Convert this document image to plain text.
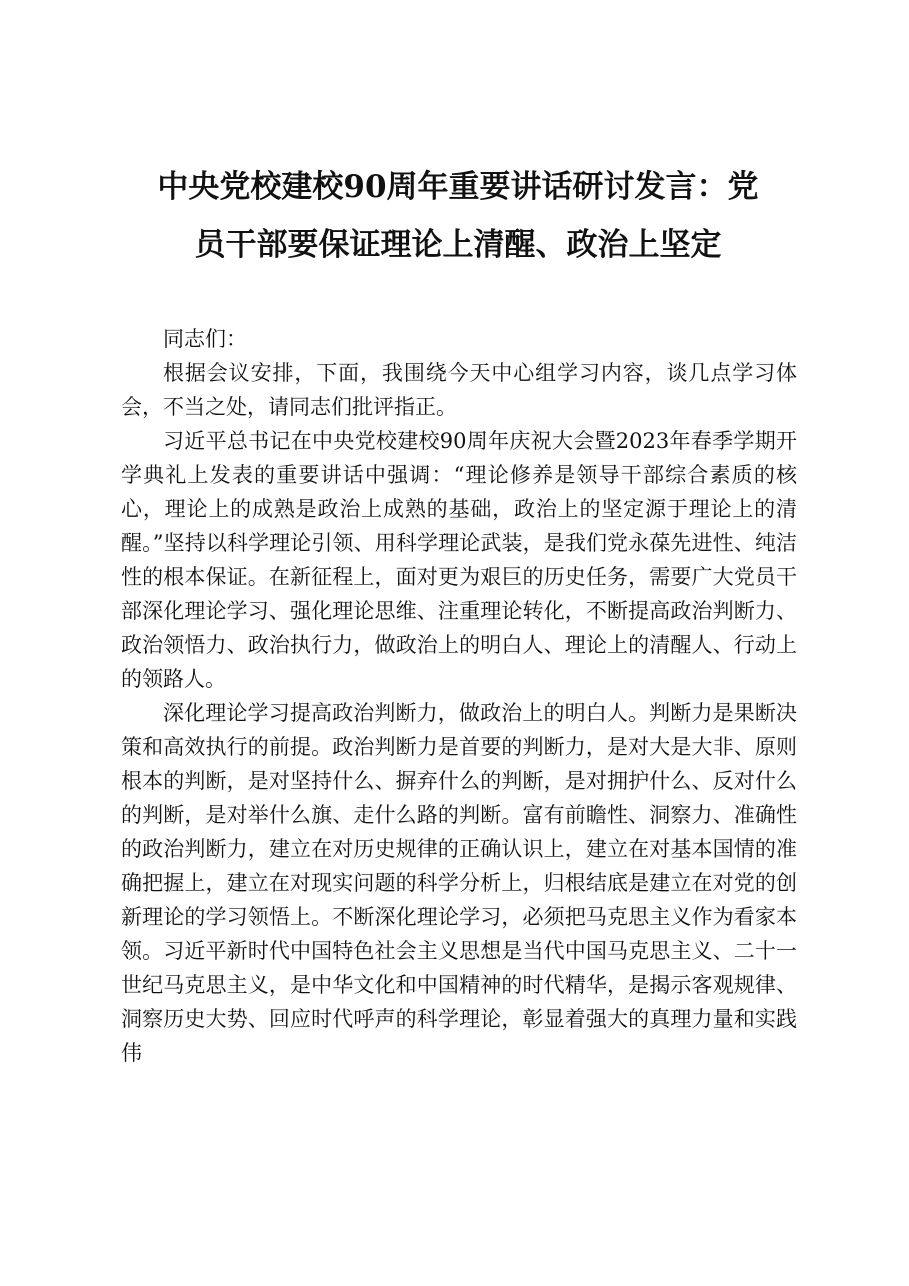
中央党校建校90周年重要讲话研讨发言：党
员干部要保证理论上清醒、政治上坚定

同志们：

根据会议安排，下面，我围绕今天中心组学习内容，谈几点学习体会，不当之处，请同志们批评指正。

习近平总书记在中央党校建校90周年庆祝大会暨2023年春季学期开学典礼上发表的重要讲话中强调：“理论修养是领导干部综合素质的核心，理论上的成熟是政治上成熟的基础，政治上的坚定源于理论上的清醒。”坚持以科学理论引领、用科学理论武装，是我们党永葆先进性、纯洁性的根本保证。在新征程上，面对更为艰巨的历史任务，需要广大党员干部深化理论学习、强化理论思维、注重理论转化，不断提高政治判断力、政治领悟力、政治执行力，做政治上的明白人、理论上的清醒人、行动上的领路人。

深化理论学习提高政治判断力，做政治上的明白人。判断力是果断决策和高效执行的前提。政治判断力是首要的判断力，是对大是大非、原则根本的判断，是对坚持什么、摒弃什么的判断，是对拥护什么、反对什么的判断，是对举什么旗、走什么路的判断。富有前瞻性、洞察力、准确性的政治判断力，建立在对历史规律的正确认识上，建立在对基本国情的准确把握上，建立在对现实问题的科学分析上，归根结底是建立在对党的创新理论的学习领悟上。不断深化理论学习，必须把马克思主义作为看家本领。习近平新时代中国特色社会主义思想是当代中国马克思主义、二十一世纪马克思主义，是中华文化和中国精神的时代精华，是揭示客观规律、洞察历史大势、回应时代呼声的科学理论，彰显着强大的真理力量和实践伟
